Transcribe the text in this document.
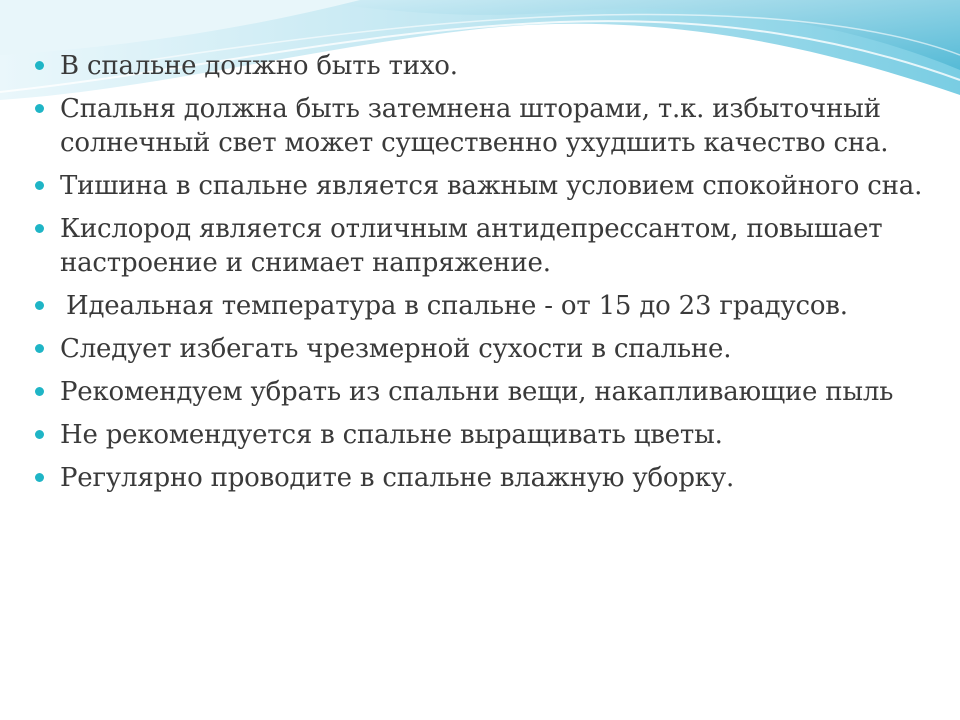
В спальне должно быть тихо.
Спальня должна быть затемнена шторами, т.к. избыточный солнечный свет может существенно ухудшить качество сна.
Тишина в спальне является важным условием спокойного сна.
Кислород является отличным антидепрессантом, повышает настроение и снимает напряжение.
Идеальная температура в спальне - от 15 до 23 градусов.
Следует избегать чрезмерной сухости в спальне.
Рекомендуем убрать из спальни вещи, накапливающие пыль
Не рекомендуется в спальне выращивать цветы.
Регулярно проводите в спальне влажную уборку.
